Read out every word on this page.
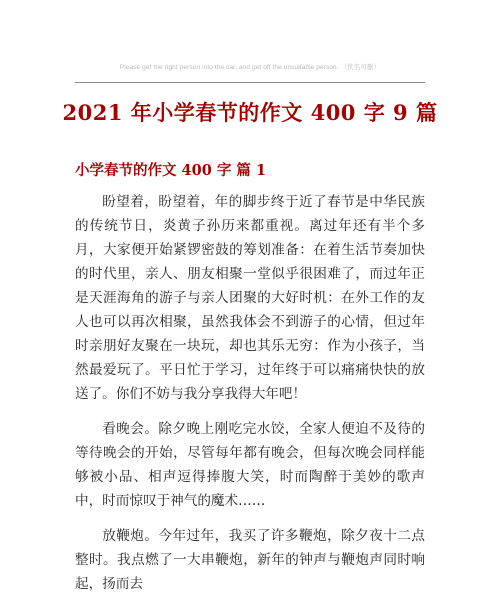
Please get the right person into the car, and get off the unsuitable person. （佚名可删）
2021 年小学春节的作文 400 字 9 篇
小学春节的作文 400 字 篇 1

盼望着，盼望着，年的脚步终于近了春节是中华民族的传统节日，炎黄子孙历来都重视。离过年还有半个多月，大家便开始紧锣密鼓的筹划准备：在着生活节奏加快的时代里，亲人、朋友相聚一堂似乎很困难了，而过年正是天涯海角的游子与亲人团聚的大好时机：在外工作的友人也可以再次相聚，虽然我体会不到游子的心情，但过年时亲朋好友聚在一块玩，却也其乐无穷：作为小孩子，当然最爱玩了。平日忙于学习，过年终于可以痛痛快快的放送了。你们不妨与我分享我得大年吧！

看晚会。除夕晚上刚吃完水饺，全家人便迫不及待的等待晚会的开始，尽管每年都有晚会，但每次晚会同样能够被小品、相声逗得捧腹大笑，时而陶醉于美妙的歌声中，时而惊叹于神气的魔术……

放鞭炮。今年过年，我买了许多鞭炮，除夕夜十二点整时。我点燃了一大串鞭炮，新年的钟声与鞭炮声同时响起，扬而去
